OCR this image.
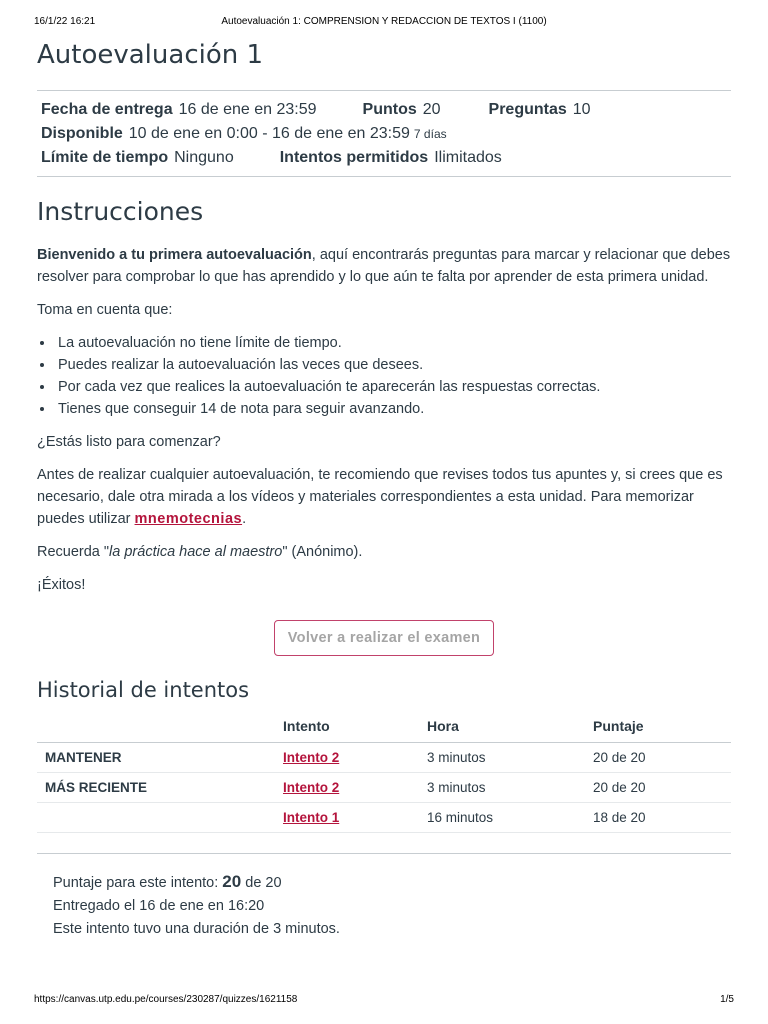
16/1/22 16:21	Autoevaluación 1: COMPRENSION Y REDACCION DE TEXTOS I (1100)
Autoevaluación 1
Fecha de entrega 16 de ene en 23:59	Puntos 20	Preguntas 10
Disponible 10 de ene en 0:00 - 16 de ene en 23:59 7 días
Límite de tiempo Ninguno	Intentos permitidos Ilimitados
Instrucciones

Bienvenido a tu primera autoevaluación, aquí encontrarás preguntas para marcar y relacionar que debes resolver para comprobar lo que has aprendido y lo que aún te falta por aprender de esta primera unidad.

Toma en cuenta que:

• La autoevaluación no tiene límite de tiempo.
• Puedes realizar la autoevaluación las veces que desees.
• Por cada vez que realices la autoevaluación te aparecerán las respuestas correctas.
• Tienes que conseguir 14 de nota para seguir avanzando.

¿Estás listo para comenzar?

Antes de realizar cualquier autoevaluación, te recomiendo que revises todos tus apuntes y, si crees que es necesario, dale otra mirada a los vídeos y materiales correspondientes a esta unidad. Para memorizar puedes utilizar mnemotecnias.

Recuerda "la práctica hace al maestro" (Anónimo).

¡Éxitos!

Volver a realizar el examen
Historial de intentos
	Intento	Hora	Puntaje
MANTENER	Intento 2	3 minutos	20 de 20
MÁS RECIENTE	Intento 2	3 minutos	20 de 20
	Intento 1	16 minutos	18 de 20
Puntaje para este intento: 20 de 20
Entregado el 16 de ene en 16:20
Este intento tuvo una duración de 3 minutos.
https://canvas.utp.edu.pe/courses/230287/quizzes/1621158	1/5
